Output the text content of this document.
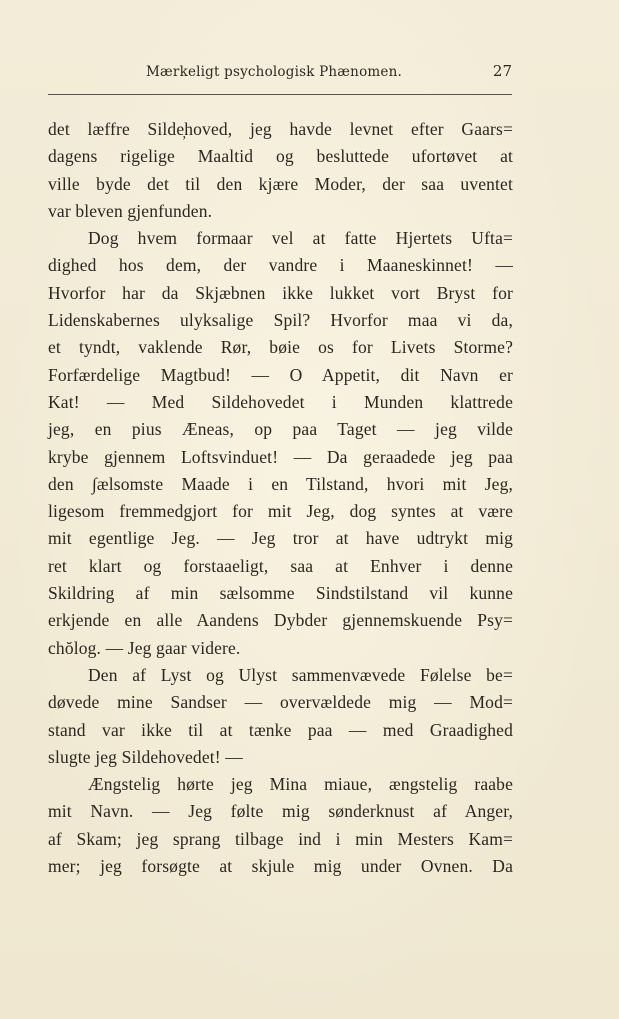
Mærkeligt psychologisk Phænomen.	27
det læffre Silde̦hoved, jeg havde levnet efter Gaars=
dagens rigelige Maaltid og besluttede ufortøvet at
ville byde det til den kjære Moder, der saa uventet
var bleven gjenfunden.
Dog hvem formaar vel at fatte Hjertets Ufta=
dighed hos dem, der vandre i Maaneskinnet! —
Hvorfor har da Skjæbnen ikke lukket vort Bryst for
Lidenskabernes ulyksalige Spil? Hvorfor maa vi da,
et tyndt, vaklende Rør, bøie os for Livets Storme?
Forfærdelige Magtbud! — O Appetit, dit Navn er
Kat! — Med Sildehovedet i Munden klattrede
jeg, en pius Æneas, op paa Taget — jeg vilde
krybe gjennem Loftsvinduet! — Da geraadede jeg paa
den ∫ælsomste Maade i en Tilstand, hvori mit Jeg,
ligesom fremmedgjort for mit Jeg, dog syntes at være
mit egentlige Jeg. — Jeg tror at have udtrykt mig
ret klart og forstaaeligt, saa at Enhver i denne
Skildring af min sælsomme Sindstilstand vil kunne
erkjende en alle Aandens Dybder gjennemskuende Psy=
chŏlog. — Jeg gaar videre.
Den af Lyst og Ulyst sammenvævede Følelse be=
døvede mine Sandser — overvældede mig — Mod=
stand var ikke til at tænke paa — med Graadighed
slugte jeg Sildehovedet! —
Ængstelig hørte jeg Mina miaue, ængstelig raabe
mit Navn. — Jeg følte mig sønderknust af Anger,
af Skam; jeg sprang tilbage ind i min Mesters Kam=
mer; jeg forsøgte at skjule mig under Ovnen. Da
